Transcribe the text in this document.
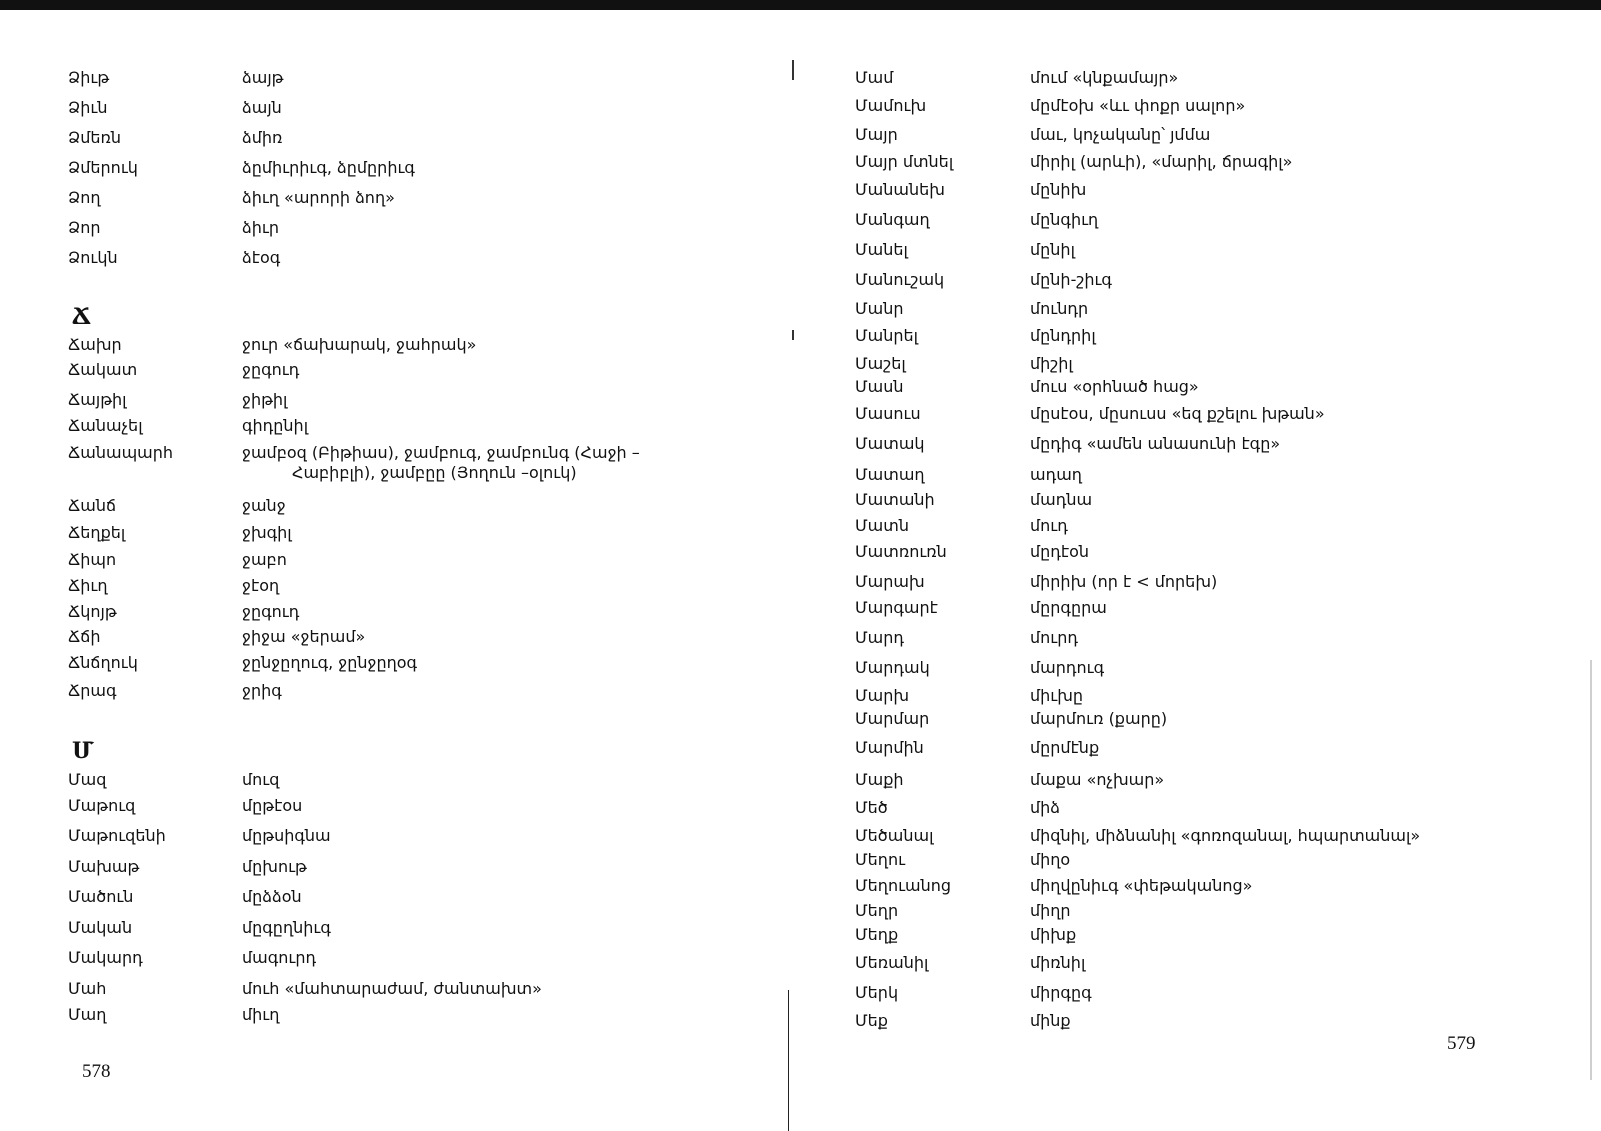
Ձիւթ	ձայթ
Ձիւն	ձայն
Ձմեռն	ձմիռ
Ձմերուկ	ձըմիւրիւգ, ձըմըրիւգ
Ձող	ձիւղ «արորի ձող»
Ձոր	ձիւր
Ձուկն	ձէօգ
Ճ
Ճախր	ջուր «ճախարակ, ջահրակ»
Ճակատ	ջըգուդ
Ճայթիլ	ջիթիլ
Ճանաչել	գիդընիլ
Ճանապարհ	ջամբօզ (Բիթիաս), ջամբուգ, ջամբունգ (Հաջի –
Հաբիբլի), ջամբըը (Յողուն –օլուկ)
Ճանճ	ջանջ
Ճեղքել	ջխգիլ
Ճիպո	ջաբո
Ճիւղ	ջէօղ
Ճկոյթ	ջըգուդ
Ճճի	ջիջա «ջերամ»
Ճնճղուկ	ջընջըղուգ, ջընջըղօգ
Ճրագ	ջրիգ
Մ
Մազ	մուզ
Մաթուզ	մըթէօս
Մաթուզենի	մըթսիգնա
Մախաթ	մըխութ
Մածուն	մըձձօն
Մական	մըգըղնիւգ
Մակարդ	մագուրդ
Մահ	մուհ «մահտարաժամ, ժանտախտ»
Մաղ	միւղ
Մամ	մում «կնքամայր»
Մամուխ	մըմէօխ «ևւ փոքր սալոր»
Մայր	մաւ, կոչականը՝ յմմա
Մայր մտնել	միրիլ (արևի), «մարիլ, ճրագիլ»
Մանանեխ	մընիխ
Մանգաղ	մընգիւղ
Մանել	մընիլ
Մանուշակ	մընի-շիւգ
Մանր	մունդր
Մանրել	մընդրիլ
Մաշել	միշիլ
Մասն	մուս «օրհնած հաց»
Մասուս	մըսէօս, մըսուսս «եզ քշելու խթան»
Մատակ	մըդիգ «ամեն անասունի էգը»
Մատաղ	ադաղ
Մատանի	մադնա
Մատն	մուդ
Մատռուռն	մըդէօն
Մարախ	միրիխ (որ է < մորեխ)
Մարգարէ	մըրգըրա
Մարդ	մուրդ
Մարդակ	մարդուգ
Մարխ	միւխը
Մարմար	մարմուռ (քարը)
Մարմին	մըրմէնք
Մաքի	մաքա «ոչխար»
Մեծ	միձ
Մեծանալ	միզնիլ, միձնանիլ «գոռոզանալ, հպարտանալ»
Մեղու	միղօ
Մեղուանոց	միղվընիւգ «փեթականոց»
Մեղր	միղր
Մեղք	միխք
Մեռանիլ	միռնիլ
Մերկ	միրգըգ
Մեք	մինք
578
579
